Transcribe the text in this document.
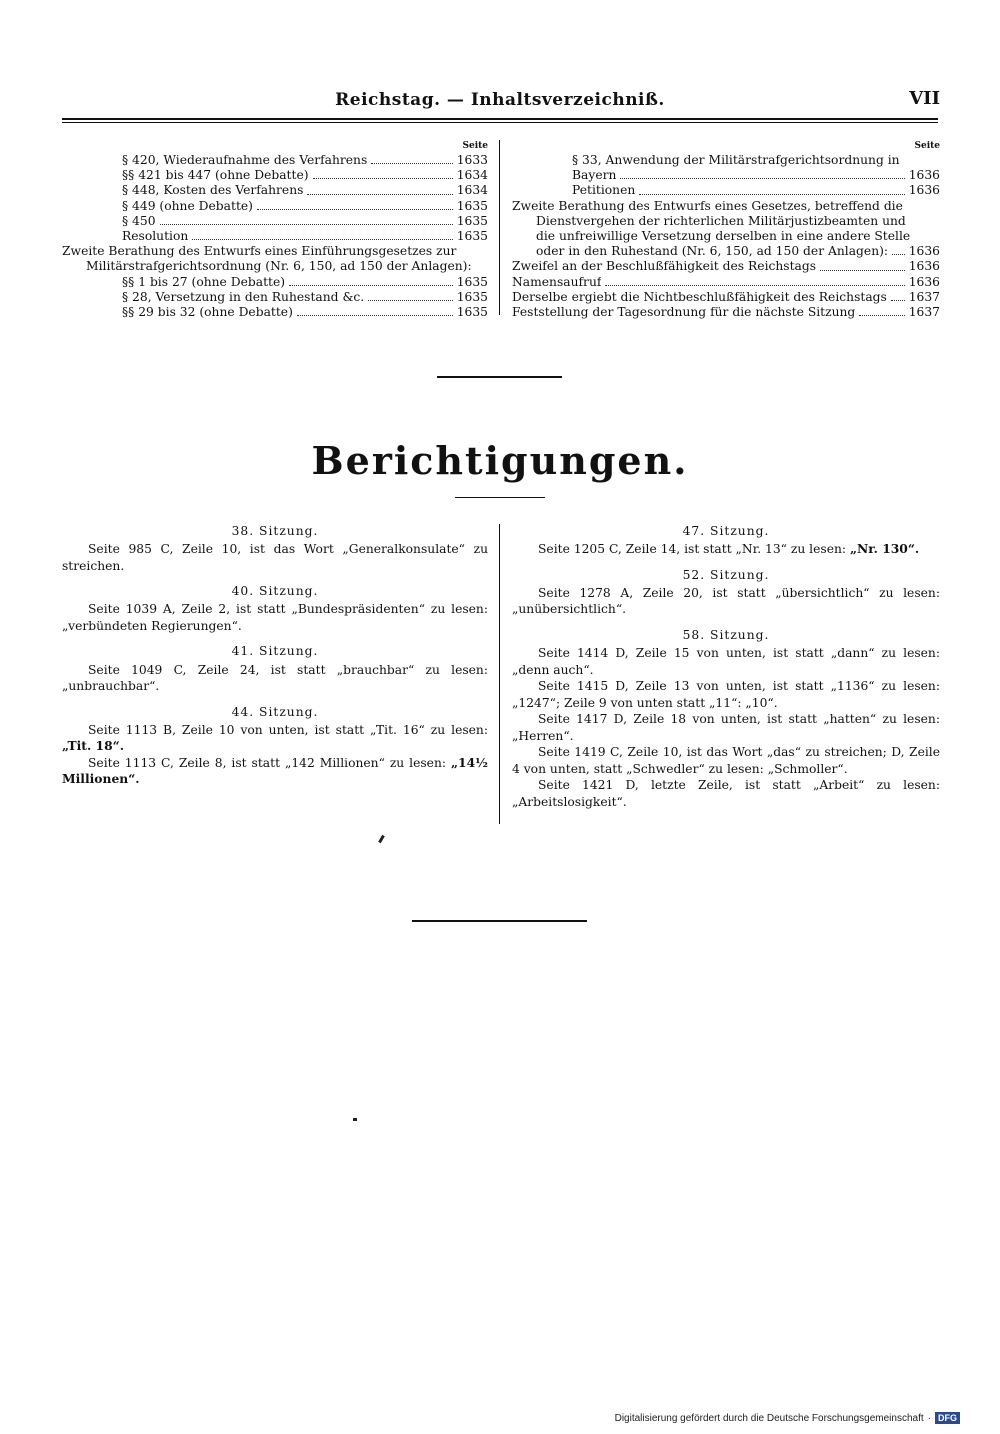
Reichstag. — Inhaltsverzeichniß.	VII
Seite
§ 420, Wiederaufnahme des Verfahrens	1633
§§ 421 bis 447 (ohne Debatte)	1634
§ 448, Kosten des Verfahrens	1634
§ 449 (ohne Debatte)	1635
§ 450	1635
Resolution	1635
Zweite Berathung des Entwurfs eines Einführungsgesetzes zur
Militärstrafgerichtsordnung (Nr. 6, 150, ad 150 der Anlagen):
§§ 1 bis 27 (ohne Debatte)	1635
§ 28, Versetzung in den Ruhestand &c.	1635
§§ 29 bis 32 (ohne Debatte)	1635
Seite
§ 33, Anwendung der Militärstrafgerichtsordnung in
Bayern	1636
Petitionen	1636
Zweite Berathung des Entwurfs eines Gesetzes, betreffend die
Dienstvergehen der richterlichen Militärjustizbeamten und
die unfreiwillige Versetzung derselben in eine andere Stelle
oder in den Ruhestand (Nr. 6, 150, ad 150 der Anlagen): 1636
Zweifel an der Beschlußfähigkeit des Reichstags	1636
Namensaufruf	1636
Derselbe ergiebt die Nichtbeschlußfähigkeit des Reichstags 1637
Feststellung der Tagesordnung für die nächste Sitzung	1637
Berichtigungen.
38. Sitzung.
Seite 985 C, Zeile 10, ist das Wort „Generalkonsulate“ zu streichen.
40. Sitzung.
Seite 1039 A, Zeile 2, ist statt „Bundespräsidenten“ zu lesen: „verbündeten Regierungen“.
41. Sitzung.
Seite 1049 C, Zeile 24, ist statt „brauchbar“ zu lesen: „unbrauchbar“.
44. Sitzung.
Seite 1113 B, Zeile 10 von unten, ist statt „Tit. 16“ zu lesen: „Tit. 18“.
Seite 1113 C, Zeile 8, ist statt „142 Millionen“ zu lesen: „14½ Millionen“.
47. Sitzung.
Seite 1205 C, Zeile 14, ist statt „Nr. 13“ zu lesen: „Nr. 130“.
52. Sitzung.
Seite 1278 A, Zeile 20, ist statt „übersichtlich“ zu lesen: „unübersichtlich“.
58. Sitzung.
Seite 1414 D, Zeile 15 von unten, ist statt „dann“ zu lesen: „denn auch“.
Seite 1415 D, Zeile 13 von unten, ist statt „1136“ zu lesen: „1247“; Zeile 9 von unten statt „11“: „10“.
Seite 1417 D, Zeile 18 von unten, ist statt „hatten“ zu lesen: „Herren“.
Seite 1419 C, Zeile 10, ist das Wort „das“ zu streichen; D, Zeile 4 von unten, statt „Schwedler“ zu lesen: „Schmoller“.
Seite 1421 D, letzte Zeile, ist statt „Arbeit“ zu lesen: „Arbeitslosigkeit“.
Digitalisierung gefördert durch die Deutsche Forschungsgemeinschaft · DFG
